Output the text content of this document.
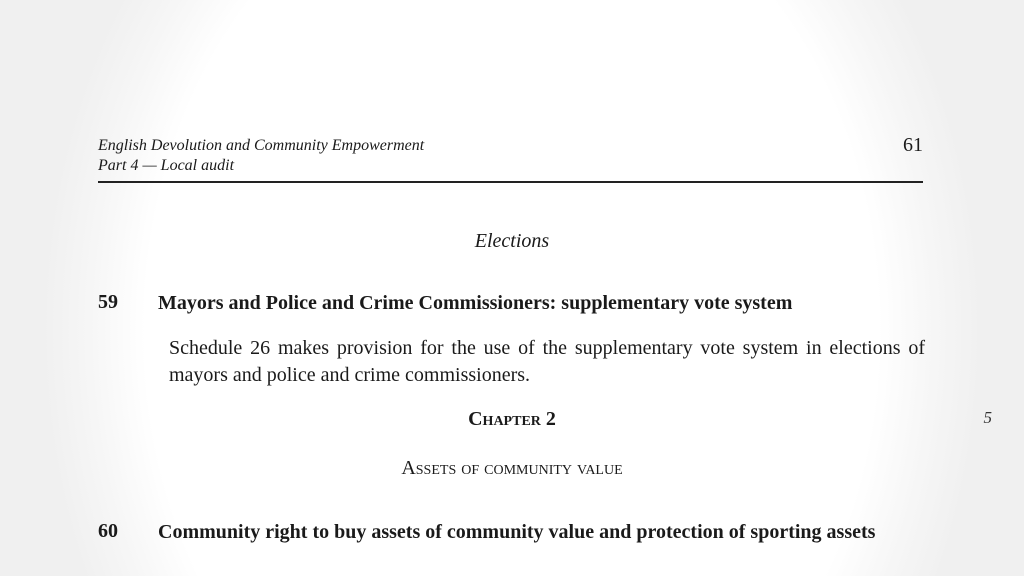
English Devolution and Community Empowerment
Part 4 — Local audit
61
Elections
59 Mayors and Police and Crime Commissioners: supplementary vote system
Schedule 26 makes provision for the use of the supplementary vote system in elections of mayors and police and crime commissioners.
Chapter 2	5
Assets of community value
60 Community right to buy assets of community value and protection of sporting assets
